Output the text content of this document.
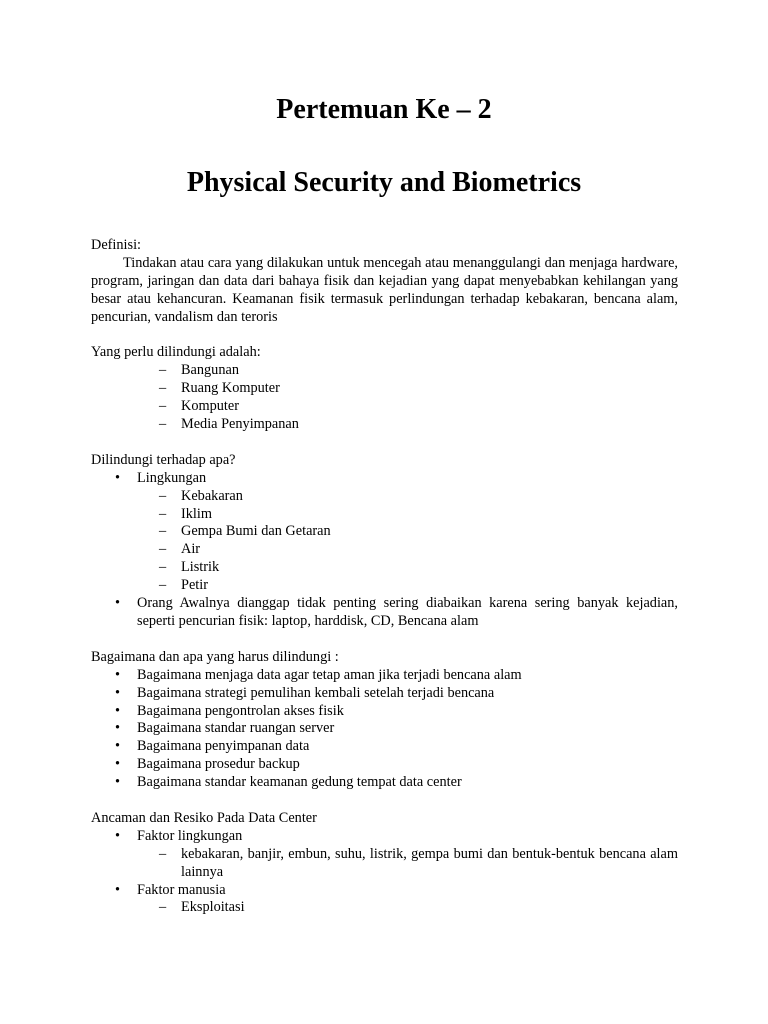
Pertemuan Ke – 2
Physical Security and Biometrics

Definisi:

Tindakan atau cara yang dilakukan untuk mencegah atau menanggulangi dan menjaga hardware, program, jaringan dan data dari bahaya fisik dan kejadian yang dapat menyebabkan kehilangan yang besar atau kehancuran. Keamanan fisik termasuk perlindungan terhadap kebakaran, bencana alam, pencurian, vandalism dan teroris

Yang perlu dilindungi adalah:

– Bangunan
– Ruang Komputer
– Komputer
– Media Penyimpanan

Dilindungi terhadap apa?

• Lingkungan
– Kebakaran
– Iklim
– Gempa Bumi dan Getaran
– Air
– Listrik
– Petir
• Orang Awalnya dianggap tidak penting sering diabaikan karena sering banyak kejadian, seperti pencurian fisik: laptop, harddisk, CD, Bencana alam

Bagaimana dan apa yang harus dilindungi :

• Bagaimana menjaga data agar tetap aman jika terjadi bencana alam
• Bagaimana strategi pemulihan kembali setelah terjadi bencana
• Bagaimana pengontrolan akses fisik
• Bagaimana standar ruangan server
• Bagaimana penyimpanan data
• Bagaimana prosedur backup
• Bagaimana standar keamanan gedung tempat data center

Ancaman dan Resiko Pada Data Center

• Faktor lingkungan
– kebakaran, banjir, embun, suhu, listrik, gempa bumi dan bentuk-bentuk bencana alam lainnya
• Faktor manusia
– Eksploitasi
